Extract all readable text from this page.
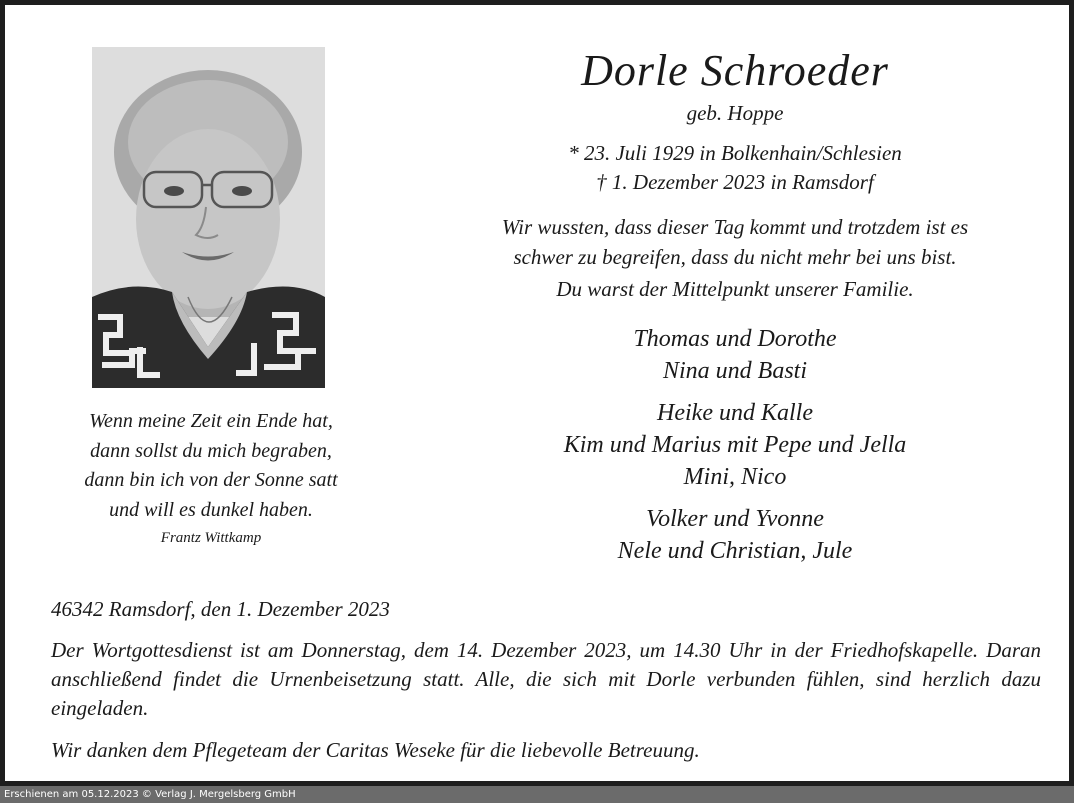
Wenn meine Zeit ein Ende hat,
dann sollst du mich begraben,
dann bin ich von der Sonne satt
und will es dunkel haben.
Frantz Wittkamp
Dorle Schroeder
geb. Hoppe
* 23. Juli 1929 in Bolkenhain/Schlesien
† 1. Dezember 2023 in Ramsdorf
Wir wussten, dass dieser Tag kommt und trotzdem ist es
schwer zu begreifen, dass du nicht mehr bei uns bist.
Du warst der Mittelpunkt unserer Familie.
Thomas und Dorothe
Nina und Basti
Heike und Kalle
Kim und Marius mit Pepe und Jella
Mini, Nico
Volker und Yvonne
Nele und Christian, Jule
46342 Ramsdorf, den 1. Dezember 2023
Der Wortgottesdienst ist am Donnerstag, dem 14. Dezember 2023, um 14.30 Uhr in der Friedhofskapelle. Daran anschließend findet die Urnenbeisetzung statt. Alle, die sich mit Dorle verbunden fühlen, sind herzlich dazu eingeladen.
Wir danken dem Pflegeteam der Caritas Weseke für die liebevolle Betreuung.
Erschienen am 05.12.2023 © Verlag J. Mergelsberg GmbH
